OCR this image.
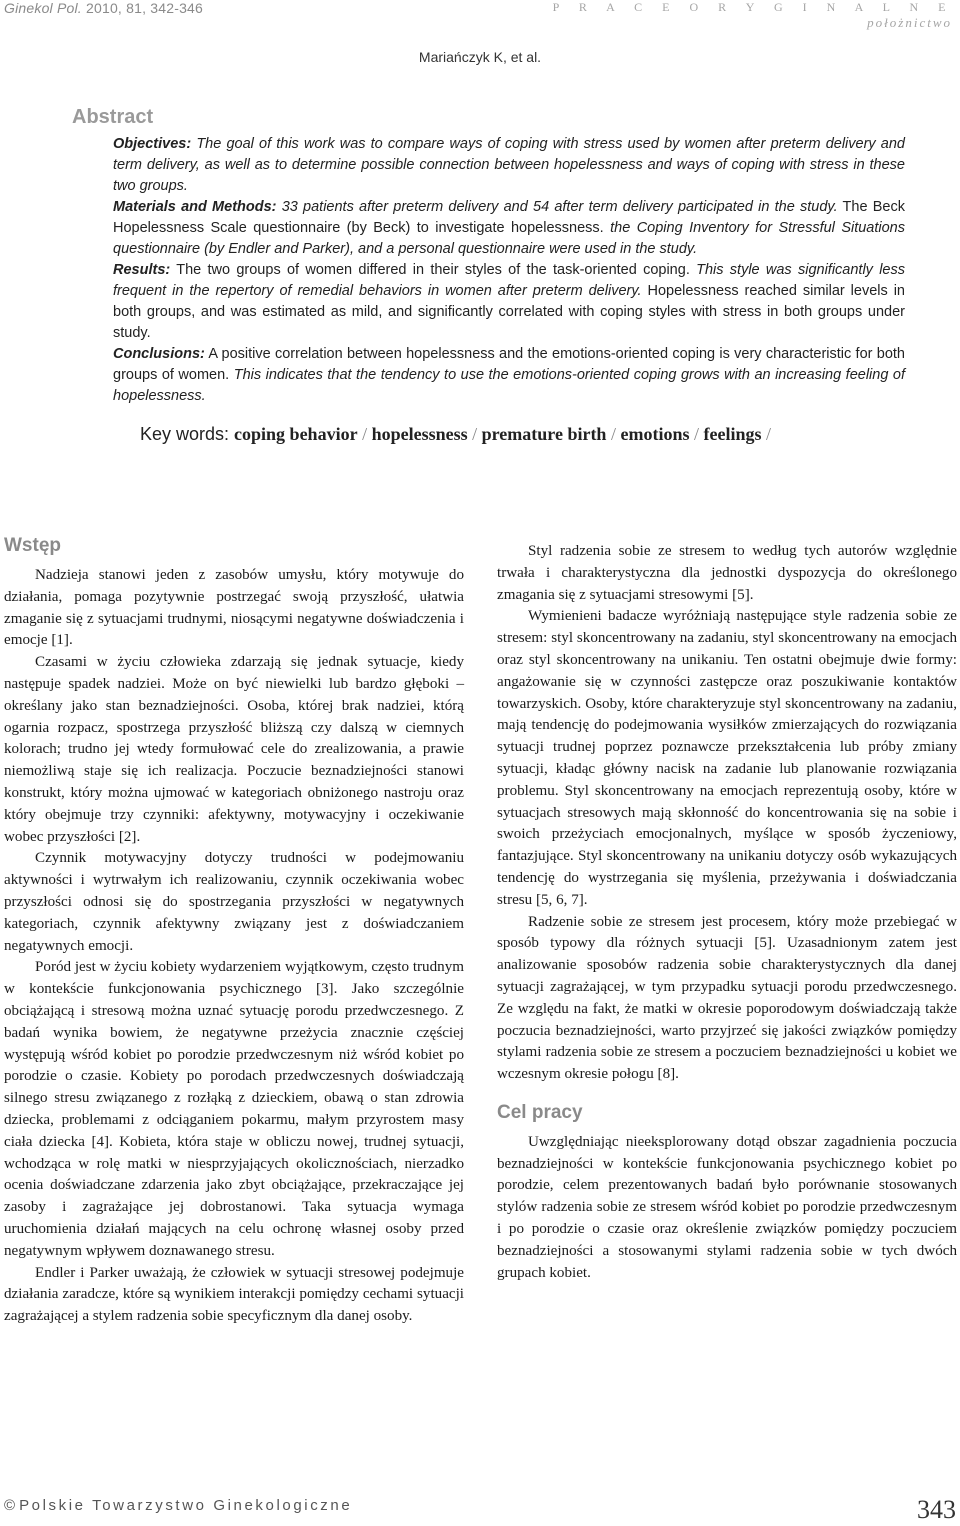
Ginekol Pol. 2010, 81, 342-346	P R A C E O R Y G I N A L N E
położnictwo
Mariańczyk K, et al.
Abstract

Objectives: The goal of this work was to compare ways of coping with stress used by women after preterm delivery and term delivery, as well as to determine possible connection between hopelessness and ways of coping with stress in these two groups.

Materials and Methods: 33 patients after preterm delivery and 54 after term delivery participated in the study. The Beck Hopelessness Scale questionnaire (by Beck) to investigate hopelessness. the Coping Inventory for Stressful Situations questionnaire (by Endler and Parker), and a personal questionnaire were used in the study.

Results: The two groups of women differed in their styles of the task-oriented coping. This style was significantly less frequent in the repertory of remedial behaviors in women after preterm delivery. Hopelessness reached similar levels in both groups, and was estimated as mild, and significantly correlated with coping styles with stress in both groups under study.

Conclusions: A positive correlation between hopelessness and the emotions-oriented coping is very characteristic for both groups of women. This indicates that the tendency to use the emotions-oriented coping grows with an increasing feeling of hopelessness.

Key words: coping behavior / hopelessness / premature birth / emotions / feelings /
Wstęp

Nadzieja stanowi jeden z zasobów umysłu, który motywuje do działania, pomaga pozytywnie postrzegać swoją przyszłość, ułatwia zmaganie się z sytuacjami trudnymi, niosącymi negatywne doświadczenia i emocje [1].

Czasami w życiu człowieka zdarzają się jednak sytuacje, kiedy następuje spadek nadziei. Może on być niewielki lub bardzo głęboki – określany jako stan beznadziejności. Osoba, której brak nadziei, którą ogarnia rozpacz, spostrzega przyszłość bliższą czy dalszą w ciemnych kolorach; trudno jej wtedy formułować cele do zrealizowania, a prawie niemożliwą staje się ich realizacja. Poczucie beznadziejności stanowi konstrukt, który można ujmować w kategoriach obniżonego nastroju oraz który obejmuje trzy czynniki: afektywny, motywacyjny i oczekiwanie wobec przyszłości [2].

Czynnik motywacyjny dotyczy trudności w podejmowaniu aktywności i wytrwałym ich realizowaniu, czynnik oczekiwania wobec przyszłości odnosi się do spostrzegania przyszłości w negatywnych kategoriach, czynnik afektywny związany jest z doświadczaniem negatywnych emocji.

Poród jest w życiu kobiety wydarzeniem wyjątkowym, często trudnym w kontekście funkcjonowania psychicznego [3]. Jako szczególnie obciążającą i stresową można uznać sytuację porodu przedwczesnego. Z badań wynika bowiem, że negatywne przeżycia znacznie częściej występują wśród kobiet po porodzie przedwczesnym niż wśród kobiet po porodzie o czasie. Kobiety po porodach przedwczesnych doświadczają silnego stresu związanego z rozłąką z dzieckiem, obawą o stan zdrowia dziecka, problemami z odciąganiem pokarmu, małym przyrostem masy ciała dziecka [4]. Kobieta, która staje w obliczu nowej, trudnej sytuacji, wchodząca w rolę matki w niesprzyjających okolicznościach, nierzadko ocenia doświadczane zdarzenia jako zbyt obciążające, przekraczające jej zasoby i zagrażające jej dobrostanowi. Taka sytuacja wymaga uruchomienia działań mających na celu ochronę własnej osoby przed negatywnym wpływem doznawanego stresu.

Endler i Parker uważają, że człowiek w sytuacji stresowej podejmuje działania zaradcze, które są wynikiem interakcji pomiędzy cechami sytuacji zagrażającej a stylem radzenia sobie specyficznym dla danej osoby.

Styl radzenia sobie ze stresem to według tych autorów względnie trwała i charakterystyczna dla jednostki dyspozycja do określonego zmagania się z sytuacjami stresowymi [5].

Wymienieni badacze wyróżniają następujące style radzenia sobie ze stresem: styl skoncentrowany na zadaniu, styl skoncentrowany na emocjach oraz styl skoncentrowany na unikaniu. Ten ostatni obejmuje dwie formy: angażowanie się w czynności zastępcze oraz poszukiwanie kontaktów towarzyskich. Osoby, które charakteryzuje styl skoncentrowany na zadaniu, mają tendencję do podejmowania wysiłków zmierzających do rozwiązania sytuacji trudnej poprzez poznawcze przekształcenia lub próby zmiany sytuacji, kładąc główny nacisk na zadanie lub planowanie rozwiązania problemu. Styl skoncentrowany na emocjach reprezentują osoby, które w sytuacjach stresowych mają skłonność do koncentrowania się na sobie i swoich przeżyciach emocjonalnych, myślące w sposób życzeniowy, fantazjujące. Styl skoncentrowany na unikaniu dotyczy osób wykazujących tendencję do wystrzegania się myślenia, przeżywania i doświadczania stresu [5, 6, 7].

Radzenie sobie ze stresem jest procesem, który może przebiegać w sposób typowy dla różnych sytuacji [5]. Uzasadnionym zatem jest analizowanie sposobów radzenia sobie charakterystycznych dla danej sytuacji zagrażającej, w tym przypadku sytuacji porodu przedwczesnego. Ze względu na fakt, że matki w okresie poporodowym doświadczają także poczucia beznadziejności, warto przyjrzeć się jakości związków pomiędzy stylami radzenia sobie ze stresem a poczuciem beznadziejności u kobiet we wczesnym okresie połogu [8].

Cel pracy

Uwzględniając nieeksplorowany dotąd obszar zagadnienia poczucia beznadziejności w kontekście funkcjonowania psychicznego kobiet po porodzie, celem prezentowanych badań było porównanie stosowanych stylów radzenia sobie ze stresem wśród kobiet po porodzie przedwczesnym i po porodzie o czasie oraz określenie związków pomiędzy poczuciem beznadziejności a stosowanymi stylami radzenia sobie w tych dwóch grupach kobiet.

© Polskie Towarzystwo Ginekologiczne	343
